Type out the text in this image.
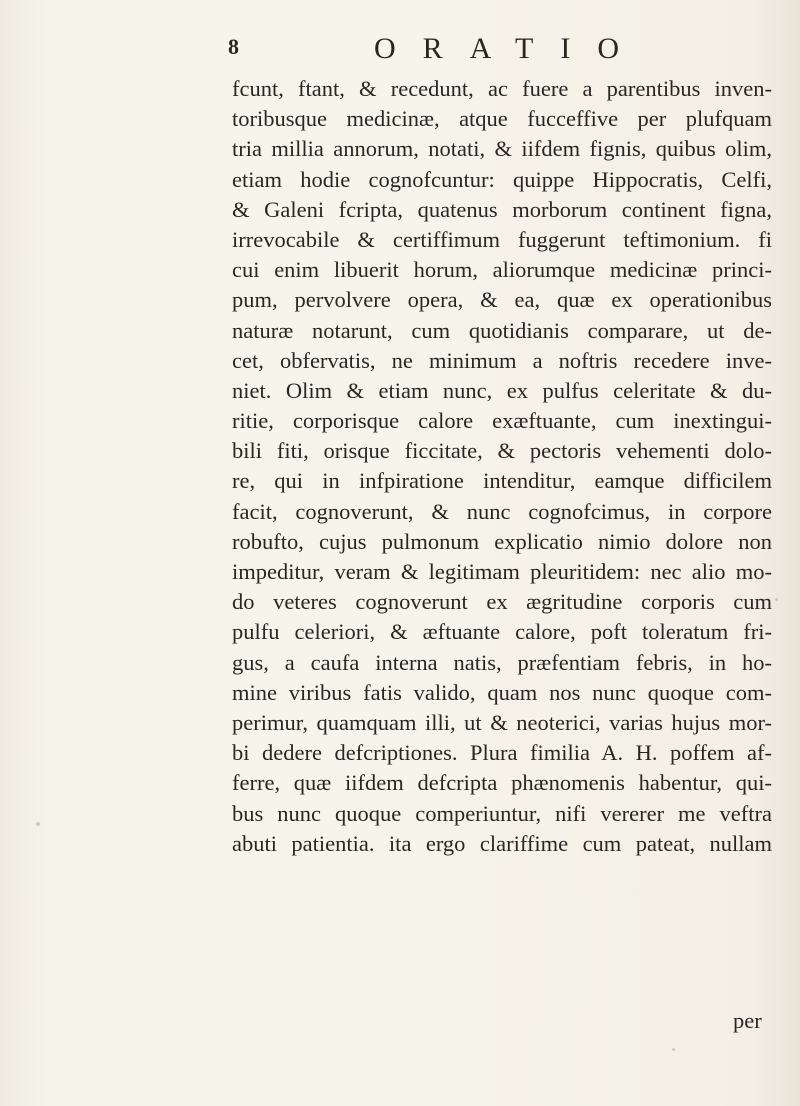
8	ORATIO
fcunt, ftant, & recedunt, ac fuere a parentibus inven-
toribusque medicinæ, atque fucceffive per plufquam
tria millia annorum, notati, & iifdem fignis, quibus olim,
etiam hodie cognofcuntur: quippe Hippocratis, Celfi,
& Galeni fcripta, quatenus morborum continent figna,
irrevocabile & certiffimum fuggerunt teftimonium. fi
cui enim libuerit horum, aliorumque medicinæ princi-
pum, pervolvere opera, & ea, quæ ex operationibus
naturæ notarunt, cum quotidianis comparare, ut de-
cet, obfervatis, ne minimum a noftris recedere inve-
niet. Olim & etiam nunc, ex pulfus celeritate & du-
ritie, corporisque calore exæftuante, cum inextingui-
bili fiti, orisque ficcitate, & pectoris vehementi dolo-
re, qui in infpiratione intenditur, eamque difficilem
facit, cognoverunt, & nunc cognofcimus, in corpore
robufto, cujus pulmonum explicatio nimio dolore non
impeditur, veram & legitimam pleuritidem: nec alio mo-
do veteres cognoverunt ex ægritudine corporis cum
pulfu celeriori, & æftuante calore, poft toleratum fri-
gus, a caufa interna natis, præfentiam febris, in ho-
mine viribus fatis valido, quam nos nunc quoque com-
perimur, quamquam illi, ut & neoterici, varias hujus mor-
bi dedere defcriptiones. Plura fimilia A. H. poffem af-
ferre, quæ iifdem defcripta phænomenis habentur, qui-
bus nunc quoque comperiuntur, nifi vererer me veftra
abuti patientia. ita ergo clariffime cum pateat, nullam
per
